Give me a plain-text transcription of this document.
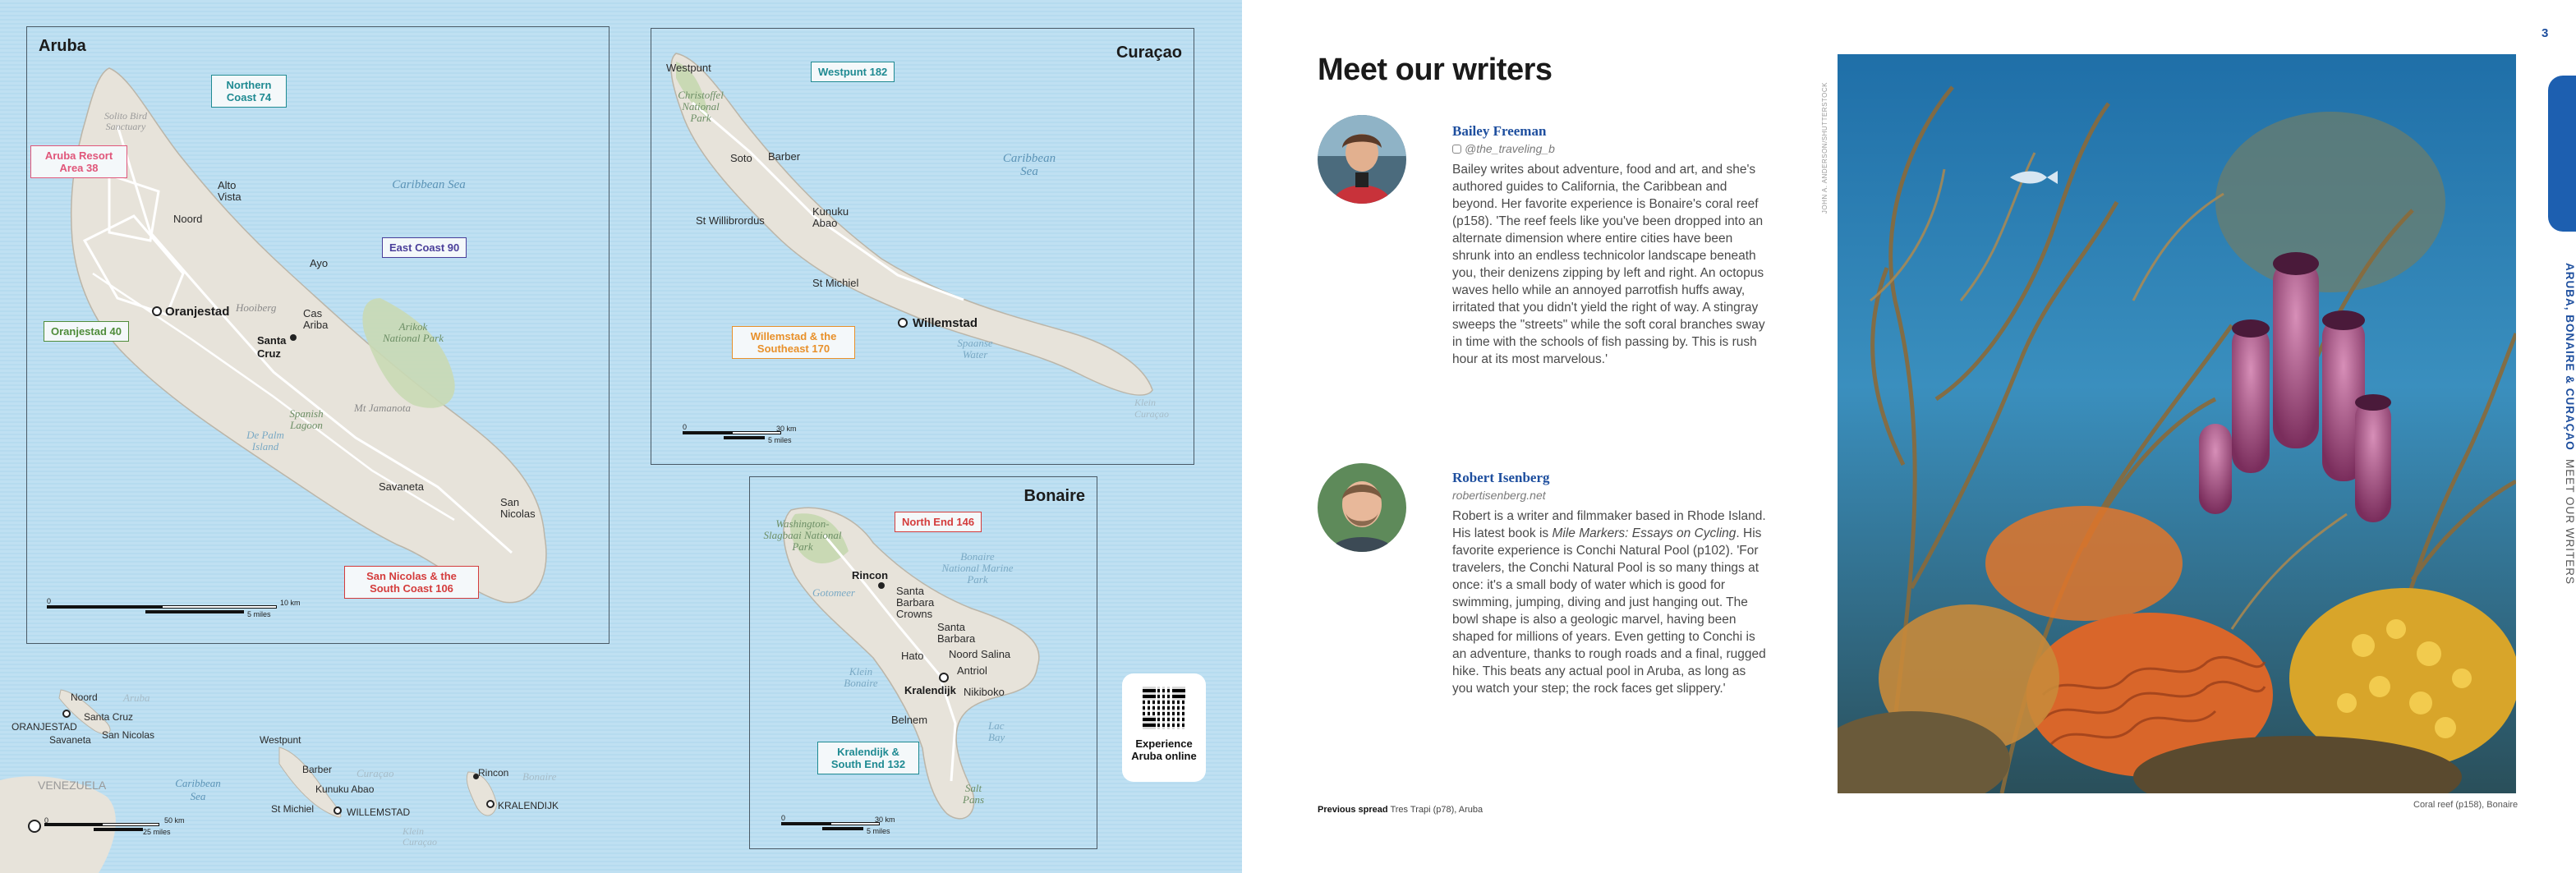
Aruba
Solito Bird Sanctuary
Northern Coast 74
Aruba Resort Area 38
Alto Vista
Noord
Caribbean Sea
East Coast 90
Ayo
Oranjestad Hooiberg	Cas Ariba
Oranjestad 40
Santa Cruz
Arikok National Park
Spanish Lagoon
Mt Jamanota
De Palm Island
Savaneta
San Nicolas
San Nicolas & the South Coast 106
0	10 km
5 miles
Curaçao
Westpunt	Westpunt 182
Christoffel National Park
Soto Barber	Caribbean Sea
St Willibrordus
Kunuku Abao
St Michiel
Willemstad
Spaanse Water
Willemstad & the Southeast 170
Klein Curaçao
0	30 km
5 miles
Bonaire
Washington-Slagbaai National Park
North End 146
Rincon
Bonaire National Marine Park
Gotomeer	Santa Barbara Crowns
Santa Barbara
Noord Salina
Hato
Antriol
Klein Bonaire
Kralendijk Nikiboko
Belnem	Lac Bay
Kralendijk & South End 132
Salt Pans
0	30 km
5 miles
Noord Aruba
ORANJESTAD
Santa Cruz
Savaneta San Nicolas
VENEZUELA	Caribbean Sea
Westpunt
Barber Curaçao
Kunuku Abao
St Michiel	WILLEMSTAD
Klein Curaçao
Rincon Bonaire
KRALENDIJK
0	50 km
25 miles
Experience Aruba online
Meet our writers
Bailey Freeman
@the_traveling_b
Bailey writes about adventure, food and art, and she's authored guides to California, the Caribbean and beyond. Her favorite experience is Bonaire's coral reef (p158). 'The reef feels like you've been dropped into an alternate dimension where entire cities have been shrunk into an endless technicolor landscape beneath you, their denizens zipping by left and right. An octopus waves hello while an annoyed parrotfish huffs away, irritated that you didn't yield the right of way. A stingray sweeps the "streets" while the soft coral branches sway in time with the schools of fish passing by. This is rush hour at its most marvelous.'
Robert Isenberg
robertisenberg.net
Robert is a writer and filmmaker based in Rhode Island. His latest book is Mile Markers: Essays on Cycling. His favorite experience is Conchi Natural Pool (p102). 'For travelers, the Conchi Natural Pool is so many things at once: it's a small body of water which is good for swimming, jumping, diving and just hanging out. The bowl shape is also a geologic marvel, having been shaped for millions of years. Even getting to Conchi is an adventure, thanks to rough roads and a final, rugged hike. This beats any actual pool in Aruba, as long as you watch your step; the rock faces get slippery.'
Previous spread Tres Trapi (p78), Aruba
JOHN A. ANDERSON/SHUTTERSTOCK
Coral reef (p158), Bonaire
3
ARUBA, BONAIRE & CURAÇAO
MEET OUR WRITERS
